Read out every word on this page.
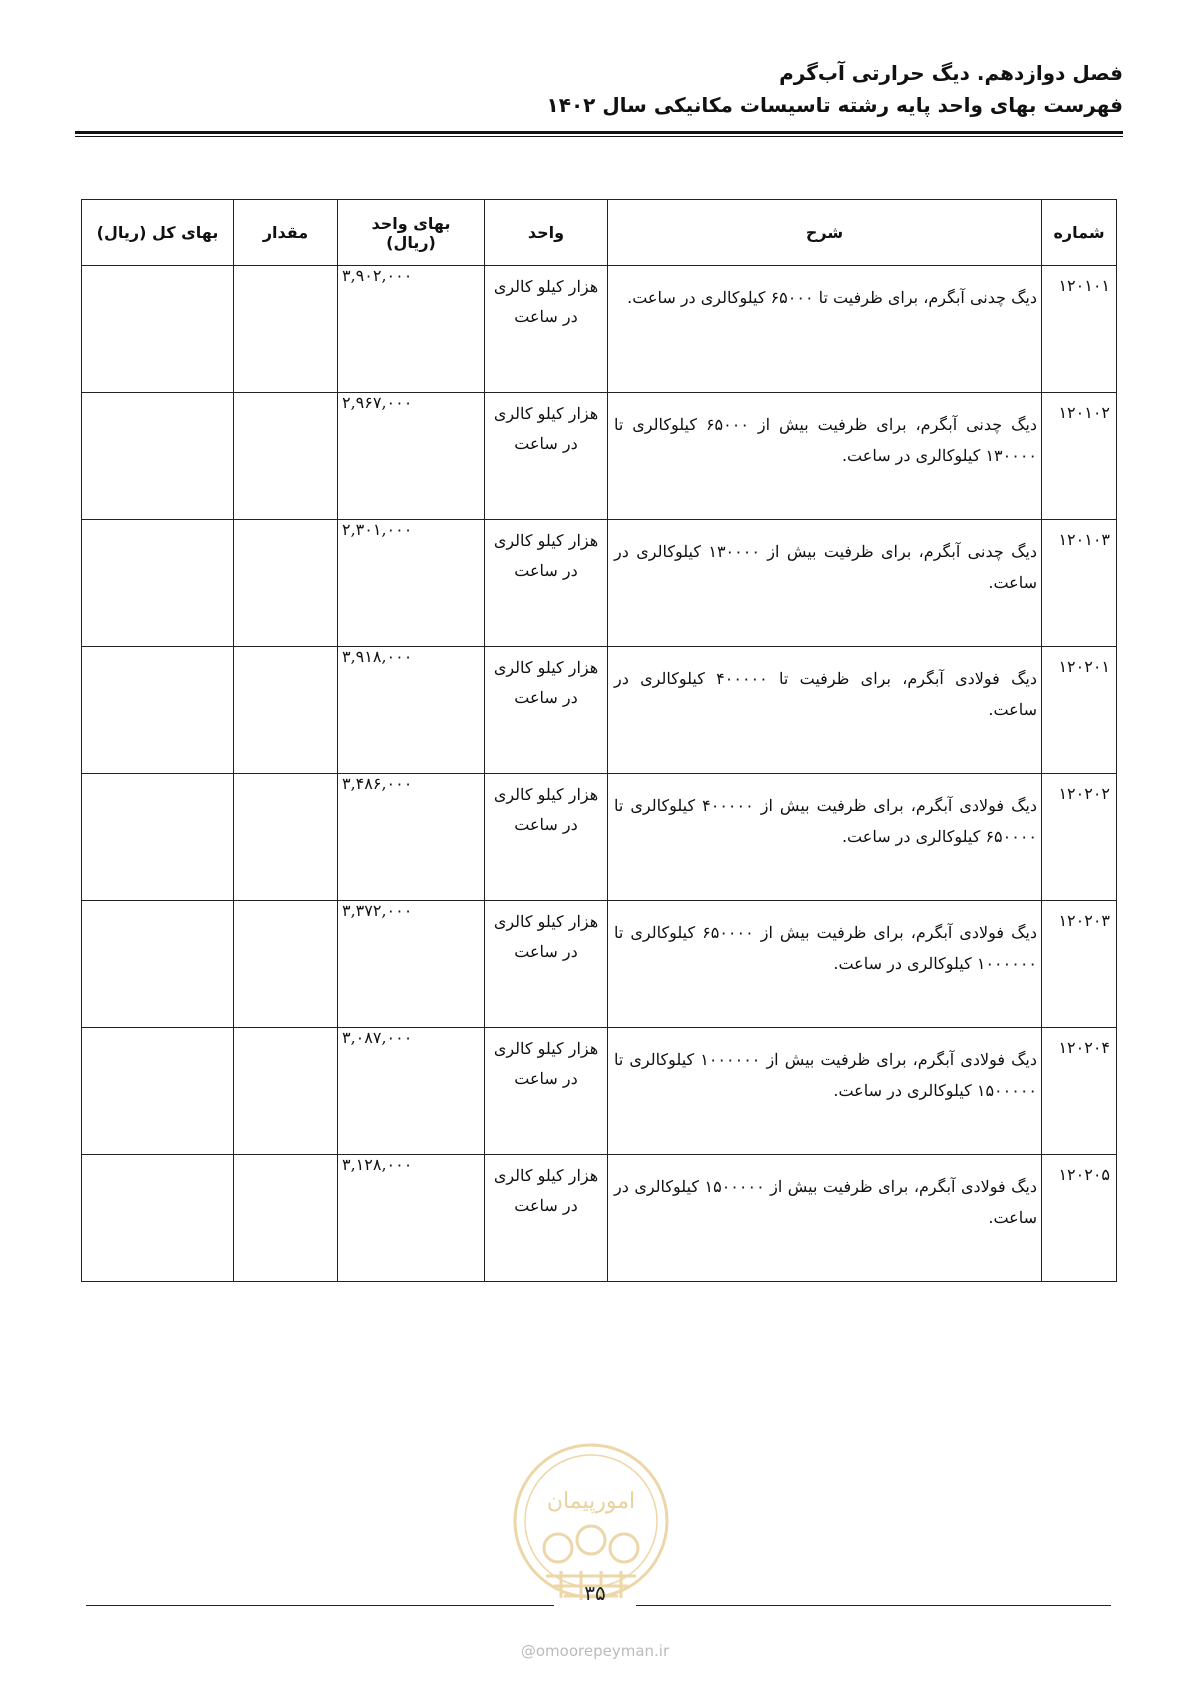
فصل دوازدهم. دیگ حرارتی آب‌گرم
فهرست بهای واحد پایه رشته تاسیسات مکانیکی سال ۱۴۰۲
شماره	شرح	واحد	بهای واحد (ریال)	مقدار	بهای کل (ریال)
۱۲۰۱۰۱	دیگ چدنی آبگرم، برای ظرفیت تا ۶۵۰۰۰ کیلوکالری در ساعت.	هزار کیلو کالری در ساعت	۳,۹۰۲,۰۰۰		
۱۲۰۱۰۲	دیگ چدنی آبگرم، برای ظرفیت بیش از ۶۵۰۰۰ کیلوکالری تا ۱۳۰۰۰۰ کیلوکالری در ساعت.	هزار کیلو کالری در ساعت	۲,۹۶۷,۰۰۰		
۱۲۰۱۰۳	دیگ چدنی آبگرم، برای ظرفیت بیش از ۱۳۰۰۰۰ کیلوکالری در ساعت.	هزار کیلو کالری در ساعت	۲,۳۰۱,۰۰۰		
۱۲۰۲۰۱	دیگ فولادی آبگرم، برای ظرفیت تا ۴۰۰۰۰۰ کیلوکالری در ساعت.	هزار کیلو کالری در ساعت	۳,۹۱۸,۰۰۰		
۱۲۰۲۰۲	دیگ فولادی آبگرم، برای ظرفیت بیش از ۴۰۰۰۰۰ کیلوکالری تا ۶۵۰۰۰۰ کیلوکالری در ساعت.	هزار کیلو کالری در ساعت	۳,۴۸۶,۰۰۰		
۱۲۰۲۰۳	دیگ فولادی آبگرم، برای ظرفیت بیش از ۶۵۰۰۰۰ کیلوکالری تا ۱۰۰۰۰۰۰ کیلوکالری در ساعت.	هزار کیلو کالری در ساعت	۳,۳۷۲,۰۰۰		
۱۲۰۲۰۴	دیگ فولادی آبگرم، برای ظرفیت بیش از ۱۰۰۰۰۰۰ کیلوکالری تا ۱۵۰۰۰۰۰ کیلوکالری در ساعت.	هزار کیلو کالری در ساعت	۳,۰۸۷,۰۰۰		
۱۲۰۲۰۵	دیگ فولادی آبگرم، برای ظرفیت بیش از ۱۵۰۰۰۰۰ کیلوکالری در ساعت.	هزار کیلو کالری در ساعت	۳,۱۲۸,۰۰۰		
امورپیمان
۳۵
@omoorepeyman.ir
